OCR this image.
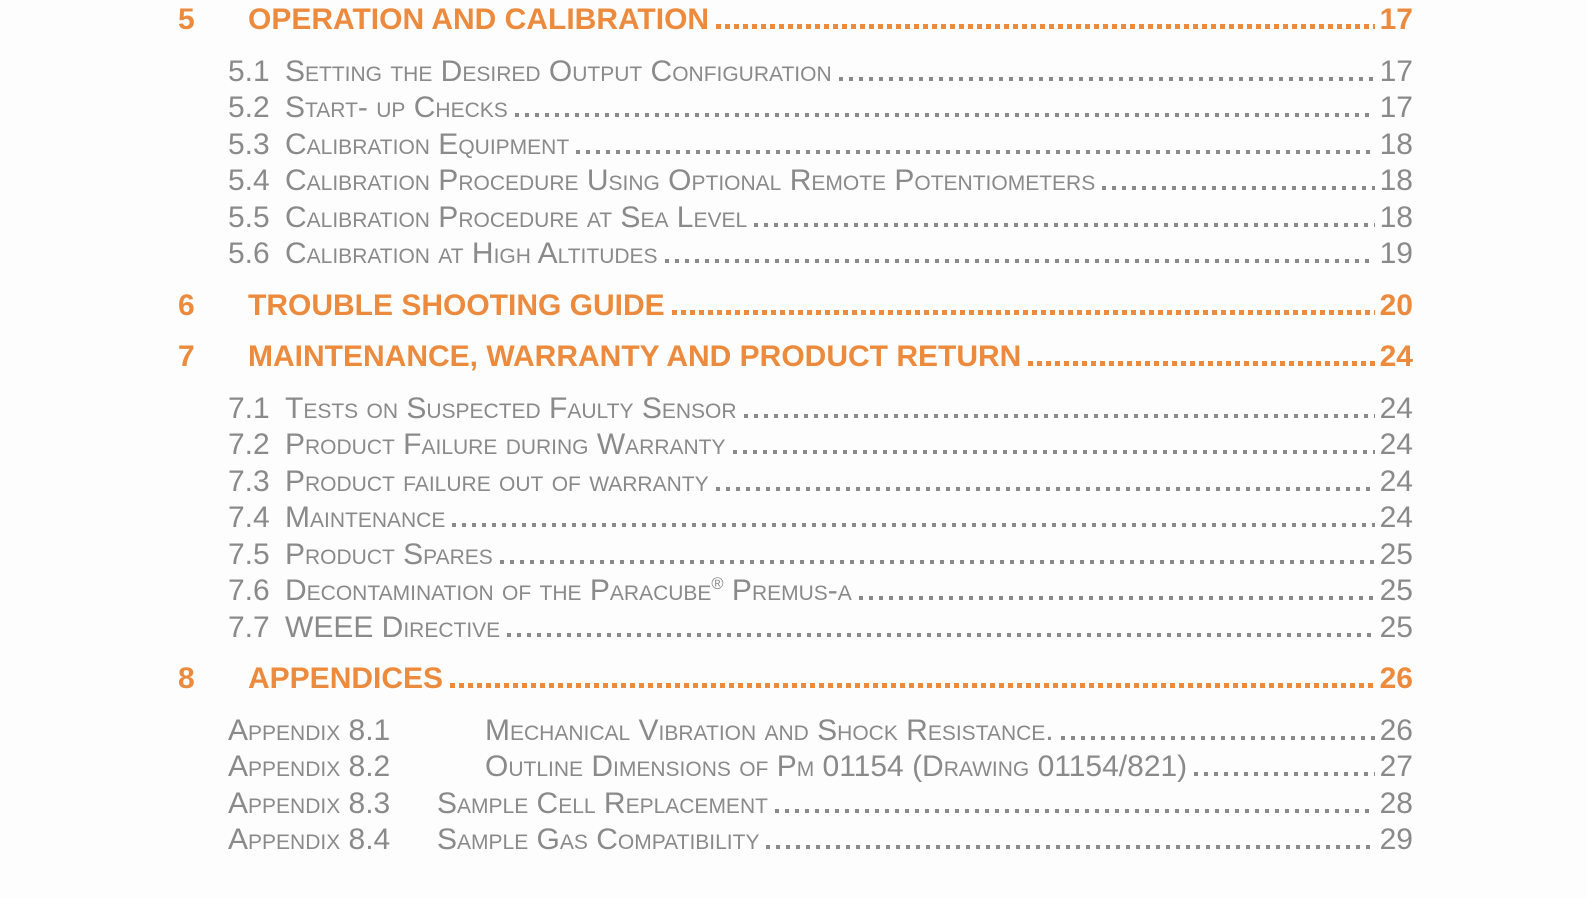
5	OPERATION AND CALIBRATION	17
5.1 Setting the Desired Output Configuration	17
5.2 Start- up Checks	17
5.3 Calibration Equipment	18
5.4 Calibration Procedure Using Optional Remote Potentiometers	18
5.5 Calibration Procedure at Sea Level	18
5.6 Calibration at High Altitudes	19
6	TROUBLE SHOOTING GUIDE	20
7	MAINTENANCE, WARRANTY AND PRODUCT RETURN	24
7.1 Tests on Suspected Faulty Sensor	24
7.2 Product Failure during Warranty	24
7.3 Product failure out of warranty	24
7.4 Maintenance	24
7.5 Product Spares	25
7.6 Decontamination of the Paracube® Premus-a	25
7.7 WEEE Directive	25
8	APPENDICES	26
Appendix 8.1	Mechanical Vibration and Shock Resistance.	26
Appendix 8.2	Outline Dimensions of Pm 01154 (Drawing 01154/821)	27
Appendix 8.3	Sample Cell Replacement	28
Appendix 8.4	Sample Gas Compatibility	29
